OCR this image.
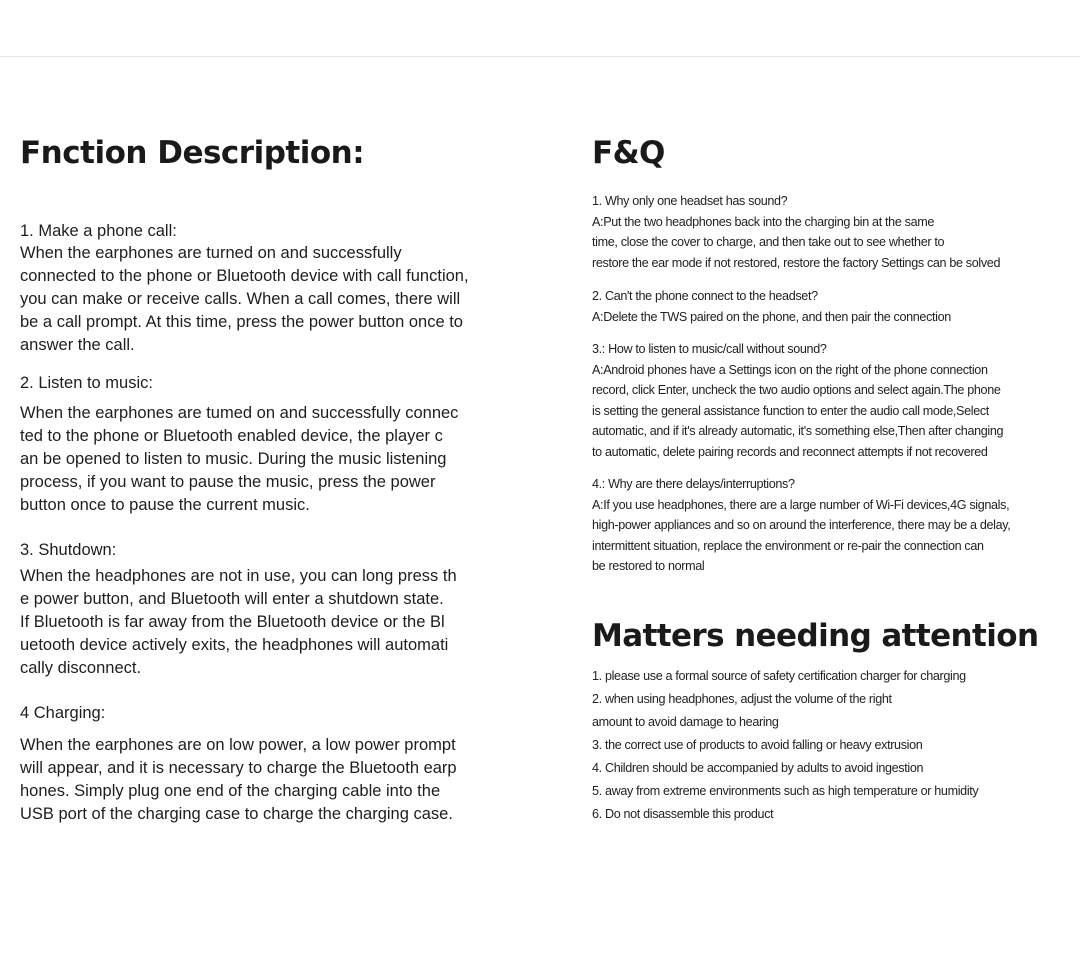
Fnction Description:
1. Make a phone call:

When the earphones are turned on and successfully
connected to the phone or Bluetooth device with call function,
you can make or receive calls. When a call comes, there will
be a call prompt. At this time, press the power button once to
answer the call.

2. Listen to music:

When the earphones are tumed on and successfully connec
ted to the phone or Bluetooth enabled device, the player c
an be opened to listen to music. During the music listening
process, if you want to pause the music, press the power
button once to pause the current music.

3. Shutdown:

When the headphones are not in use, you can long press th
e power button, and Bluetooth will enter a shutdown state.
If Bluetooth is far away from the Bluetooth device or the Bl
uetooth device actively exits, the headphones will automati
cally disconnect.

4 Charging:

When the earphones are on low power, a low power prompt
will appear, and it is necessary to charge the Bluetooth earp
hones. Simply plug one end of the charging cable into the
USB port of the charging case to charge the charging case.

F&Q
1. Why only one headset has sound?
A:Put the two headphones back into the charging bin at the same
time, close the cover to charge, and then take out to see whether to
restore the ear mode if not restored, restore the factory Settings can be solved
2. Can't the phone connect to the headset?
A:Delete the TWS paired on the phone, and then pair the connection
3.: How to listen to music/call without sound?
A:Android phones have a Settings icon on the right of the phone connection
record, click Enter, uncheck the two audio options and select again.The phone
is setting the general assistance function to enter the audio call mode,Select
automatic, and if it's already automatic, it's something else,Then after changing
to automatic, delete pairing records and reconnect attempts if not recovered
4.: Why are there delays/interruptions?
A:If you use headphones, there are a large number of Wi-Fi devices,4G signals,
high-power appliances and so on around the interference, there may be a delay,
intermittent situation, replace the environment or re-pair the connection can
be restored to normal
Matters needing attention
1. please use a formal source of safety certification charger for charging
2. when using headphones, adjust the volume of the right
amount to avoid damage to hearing
3. the correct use of products to avoid falling or heavy extrusion
4. Children should be accompanied by adults to avoid ingestion
5. away from extreme environments such as high temperature or humidity
6. Do not disassemble this product
